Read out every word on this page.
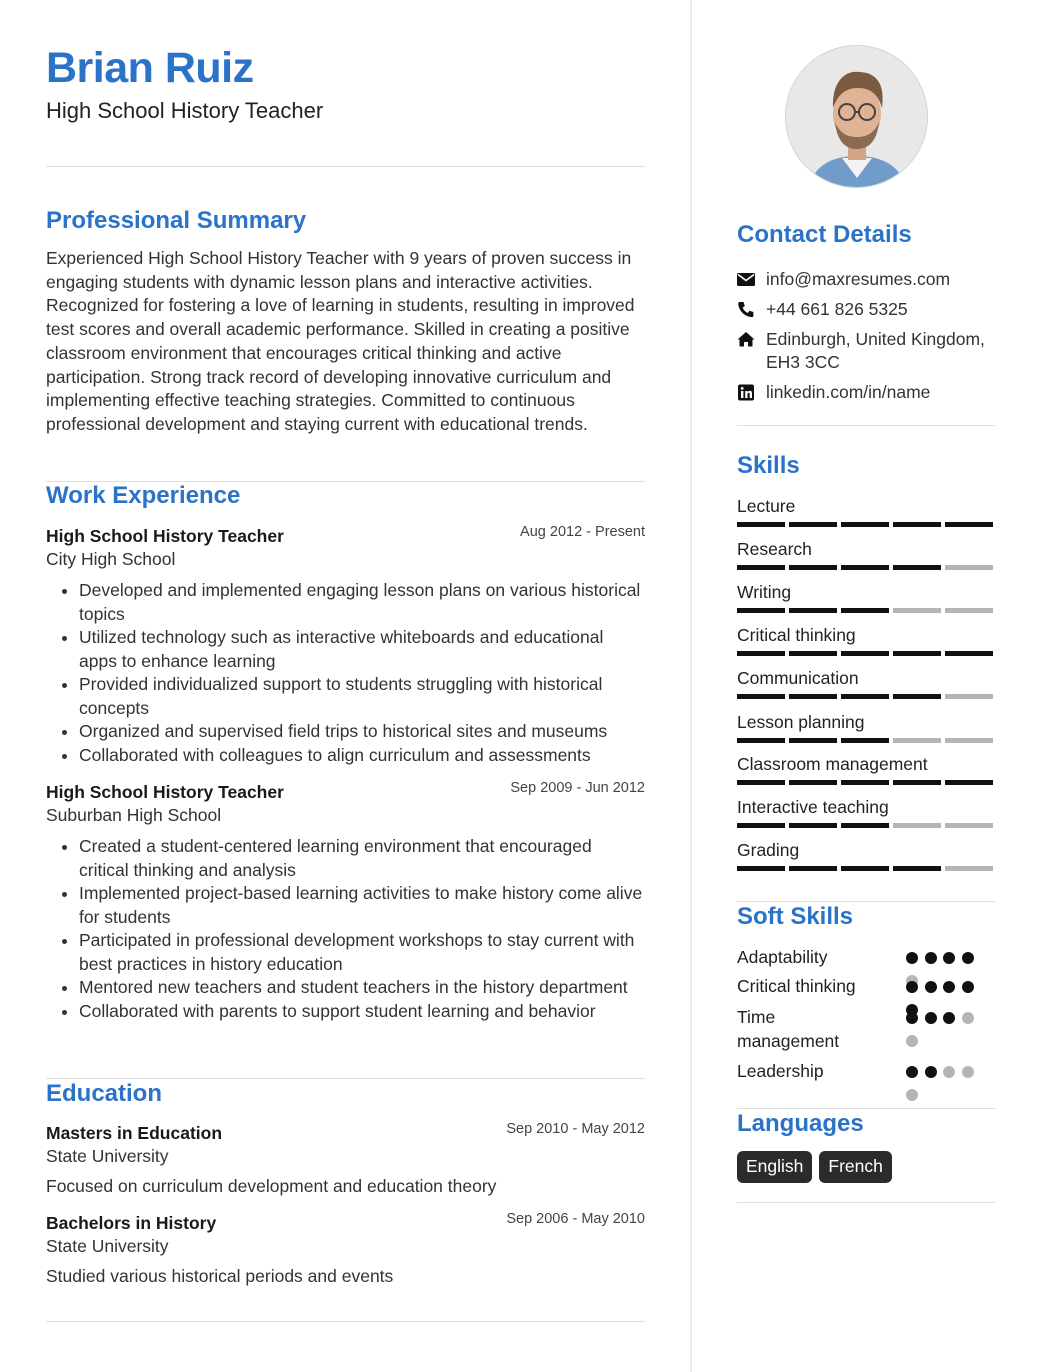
Brian Ruiz
High School History Teacher
Professional Summary
Experienced High School History Teacher with 9 years of proven success in engaging students with dynamic lesson plans and interactive activities. Recognized for fostering a love of learning in students, resulting in improved test scores and overall academic performance. Skilled in creating a positive classroom environment that encourages critical thinking and active participation. Strong track record of developing innovative curriculum and implementing effective teaching strategies. Committed to continuous professional development and staying current with educational trends.
Work Experience
High School History Teacher	Aug 2012 - Present
City High School
• Developed and implemented engaging lesson plans on various historical topics
• Utilized technology such as interactive whiteboards and educational apps to enhance learning
• Provided individualized support to students struggling with historical concepts
• Organized and supervised field trips to historical sites and museums
• Collaborated with colleagues to align curriculum and assessments
High School History Teacher	Sep 2009 - Jun 2012
Suburban High School
• Created a student-centered learning environment that encouraged critical thinking and analysis
• Implemented project-based learning activities to make history come alive for students
• Participated in professional development workshops to stay current with best practices in history education
• Mentored new teachers and student teachers in the history department
• Collaborated with parents to support student learning and behavior
Education
Masters in Education	Sep 2010 - May 2012
State University
Focused on curriculum development and education theory
Bachelors in History	Sep 2006 - May 2010
State University
Studied various historical periods and events
Contact Details
info@maxresumes.com
+44 661 826 5325
Edinburgh, United Kingdom, EH3 3CC
linkedin.com/in/name
Skills
Lecture
Research
Writing
Critical thinking
Communication
Lesson planning
Classroom management
Interactive teaching
Grading
Soft Skills
Adaptability
Critical thinking
Time management
Leadership
Languages
English	French
